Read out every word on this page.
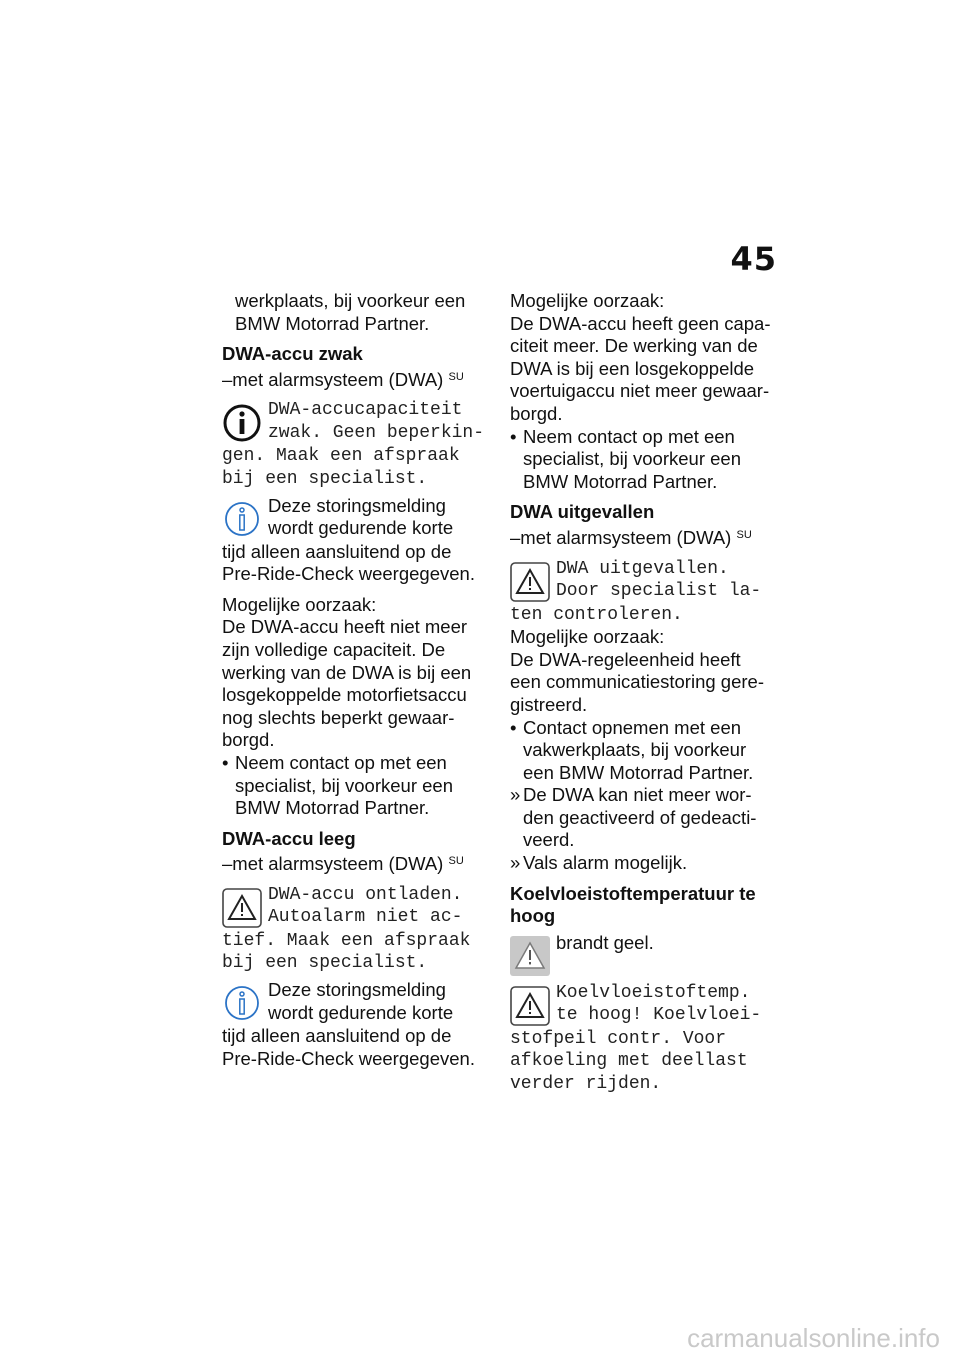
45

werkplaats, bij voorkeur een

BMW Motorrad Partner.

DWA-accu zwak

–met alarmsysteem (DWA) $^{SU}$

DWA-accucapaciteit

zwak. Geen beperkin-

gen. Maak een afspraak

bij een specialist.

Deze storingsmelding

wordt gedurende korte

tijd alleen aansluitend op de

Pre-Ride-Check weergegeven.

Mogelijke oorzaak:

De DWA-accu heeft niet meer

zijn volledige capaciteit. De

werking van de DWA is bij een

losgekoppelde motorfietsaccu

nog slechts beperkt gewaar-

borgd.

• Neem contact op met een

specialist, bij voorkeur een

BMW Motorrad Partner.

DWA-accu leeg

–met alarmsysteem (DWA) $^{SU}$

DWA-accu ontladen.

Autoalarm niet ac-

tief. Maak een afspraak

bij een specialist.

Deze storingsmelding

wordt gedurende korte

tijd alleen aansluitend op de

Pre-Ride-Check weergegeven.

Mogelijke oorzaak:

De DWA-accu heeft geen capa-

citeit meer. De werking van de

DWA is bij een losgekoppelde

voertuigaccu niet meer gewaar-

borgd.

• Neem contact op met een

specialist, bij voorkeur een

BMW Motorrad Partner.

DWA uitgevallen

–met alarmsysteem (DWA) $^{SU}$

DWA uitgevallen.

Door specialist la-

ten controleren.

Mogelijke oorzaak:

De DWA-regeleenheid heeft

een communicatiestoring gere-

gistreerd.

• Contact opnemen met een

vakwerkplaats, bij voorkeur

een BMW Motorrad Partner.

» De DWA kan niet meer wor-

den geactiveerd of gedeacti-

veerd.

» Vals alarm mogelijk.

Koelvloeistoftemperatuur te

hoog

brandt geel.

Koelvloeistoftemp.

te hoog! Koelvloei-

stofpeil contr. Voor

afkoeling met deellast

verder rijden.

carmanualsonline.info
